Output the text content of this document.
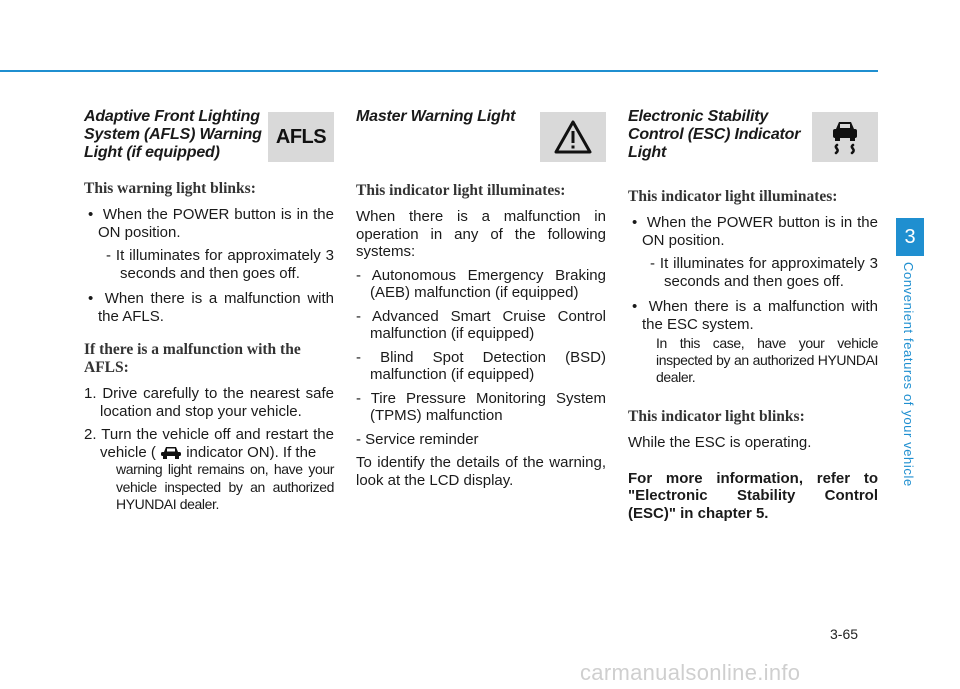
Adaptive Front Lighting System (AFLS) Warning Light (if equipped)
AFLS
This warning light blinks:
• When the POWER button is in the ON position.
- It illuminates for approximately 3 seconds and then goes off.
• When there is a malfunction with the AFLS.
If there is a malfunction with the AFLS:

1. Drive carefully to the nearest safe location and stop your vehicle.

2. Turn the vehicle off and restart the vehicle (  indicator ON). If the
warning light remains on, have your vehicle inspected by an authorized HYUNDAI dealer.

Master Warning Light
This indicator light illuminates:

When there is a malfunction in operation in any of the following systems:

- Autonomous Emergency Braking (AEB) malfunction (if equipped)

- Advanced Smart Cruise Control malfunction (if equipped)

- Blind Spot Detection (BSD) malfunction (if equipped)

- Tire Pressure Monitoring System (TPMS) malfunction

- Service reminder

To identify the details of the warning, look at the LCD display.

Electronic Stability Control (ESC) Indicator Light
This indicator light illuminates:
• When the POWER button is in the ON position.
- It illuminates for approximately 3 seconds and then goes off.
• When there is a malfunction with the ESC system.
In this case, have your vehicle inspected by an authorized HYUNDAI dealer.
This indicator light blinks:

While the ESC is operating.

For more information, refer to "Electronic Stability Control (ESC)" in chapter 5.

3
Convenient features of your vehicle
3-65
carmanualsonline.info
